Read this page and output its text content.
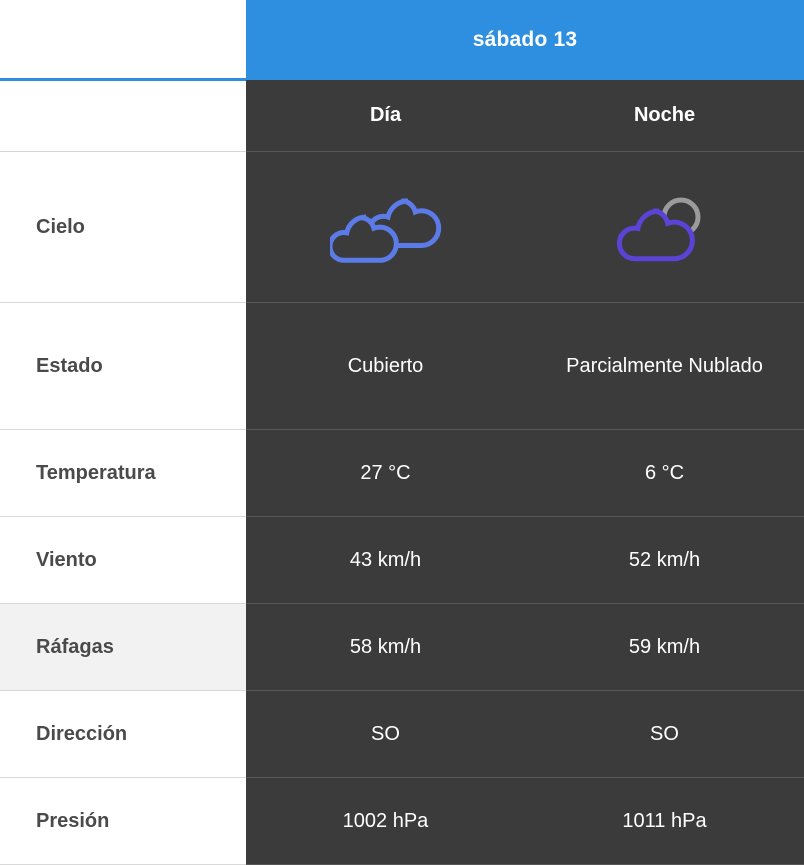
	sábado 13	
	Día	Noche
Cielo	

Estado	Cubierto	Parcialmente Nublado
Temperatura	27 °C	6 °C
Viento	43 km/h	52 km/h
Ráfagas	58 km/h	59 km/h
Dirección	SO	SO
Presión	1002 hPa	1011 hPa
